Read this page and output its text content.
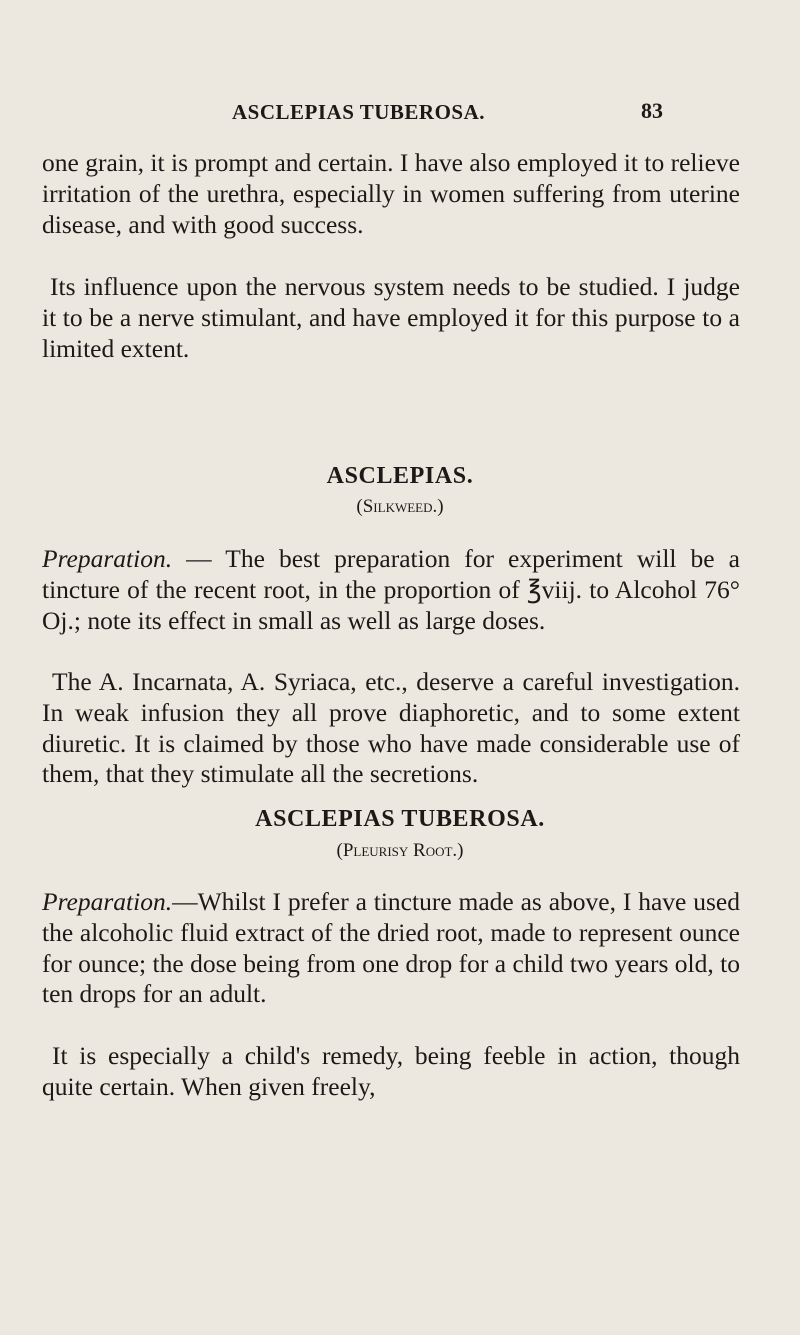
ASCLEPIAS TUBEROSA.	83

one grain, it is prompt and certain. I have also employed it to relieve irritation of the urethra, especially in women suffering from uterine disease, and with good success.

Its influence upon the nervous system needs to be studied. I judge it to be a nerve stimulant, and have employed it for this purpose to a limited extent.

ASCLEPIAS.
(Silkweed.)

Preparation. — The best preparation for experiment will be a tincture of the recent root, in the proportion of ℥viij. to Alcohol 76° Oj.; note its effect in small as well as large doses.

The A. Incarnata, A. Syriaca, etc., deserve a careful investigation. In weak infusion they all prove diaphoretic, and to some extent diuretic. It is claimed by those who have made considerable use of them, that they stimulate all the secretions.

ASCLEPIAS TUBEROSA.
(Pleurisy Root.)

Preparation.—Whilst I prefer a tincture made as above, I have used the alcoholic fluid extract of the dried root, made to represent ounce for ounce; the dose being from one drop for a child two years old, to ten drops for an adult.

It is especially a child's remedy, being feeble in action, though quite certain. When given freely,
